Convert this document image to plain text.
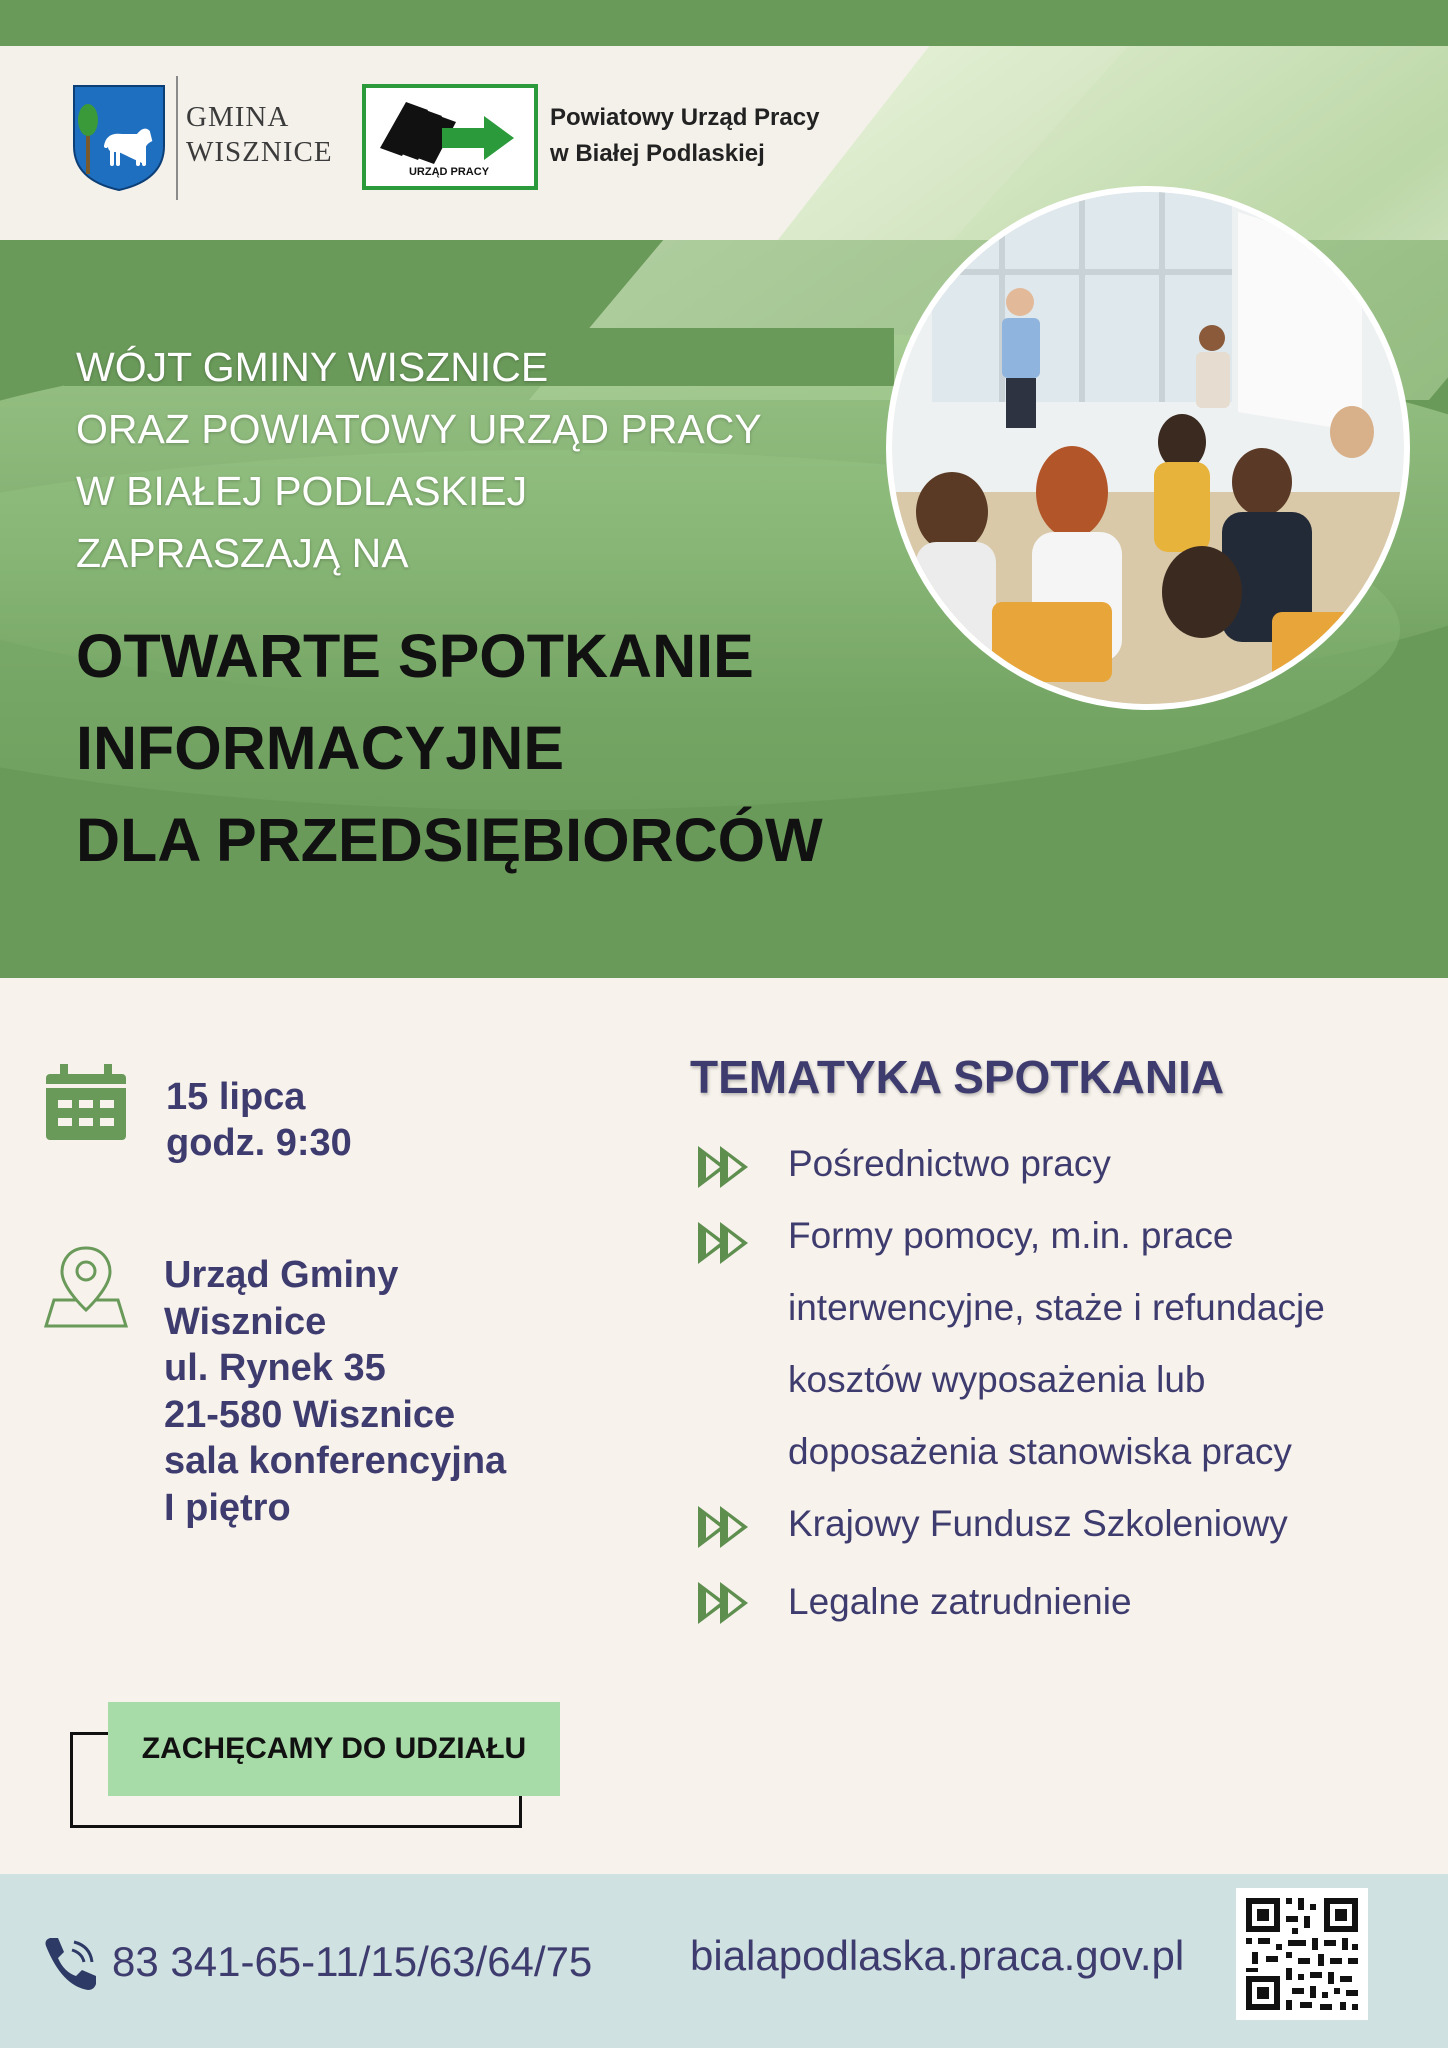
GMINA
WISZNICE
URZĄD PRACY
Powiatowy Urząd Pracy
w Białej Podlaskiej
WÓJT GMINY WISZNICE
ORAZ POWIATOWY URZĄD PRACY
W BIAŁEJ PODLASKIEJ
ZAPRASZAJĄ NA
OTWARTE SPOTKANIE
INFORMACYJNE
DLA PRZEDSIĘBIORCÓW
15 lipca
godz. 9:30
Urząd Gminy
Wisznice
ul. Rynek 35
21-580 Wisznice
sala konferencyjna
I piętro
TEMATYKA SPOTKANIA
Pośrednictwo pracy
Formy pomocy, m.in. prace interwencyjne, staże i refundacje kosztów wyposażenia lub doposażenia stanowiska pracy
Krajowy Fundusz Szkoleniowy
Legalne zatrudnienie
ZACHĘCAMY DO UDZIAŁU
83 341-65-11/15/63/64/75 bialapodlaska.praca.gov.pl
